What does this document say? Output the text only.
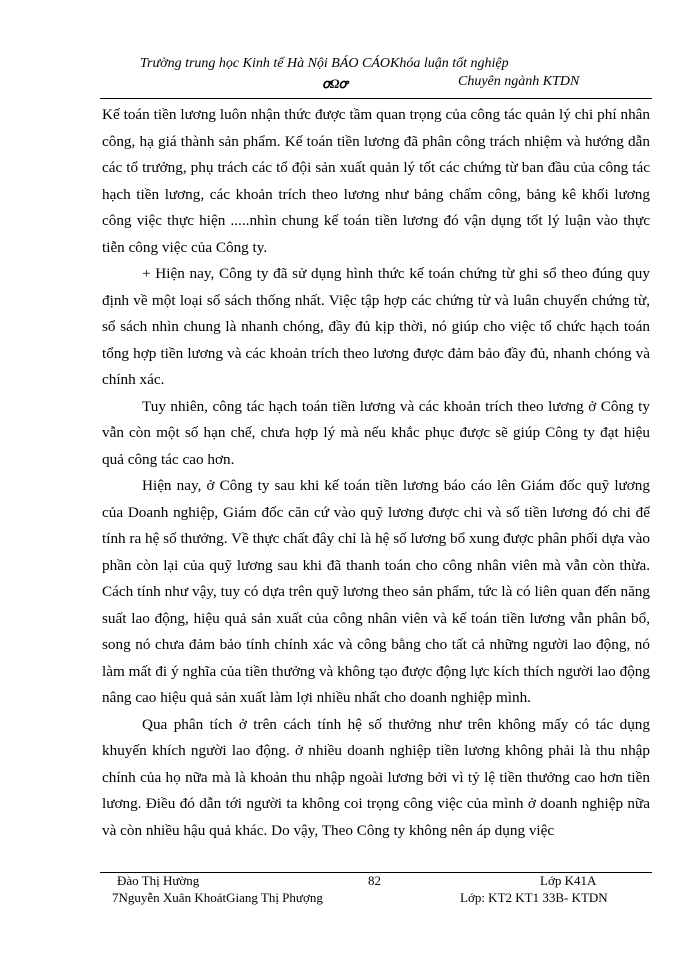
Trường trung học Kinh tế Hà Nội BÁO CÁOKhóa luận tốt nghiệp
ꝍΩꝍ	Chuyên ngành KTDN

Kế toán tiền lương luôn nhận thức được tầm quan trọng của công tác quản lý chi phí nhân công, hạ giá thành sản phẩm. Kế toán tiền lương đã phân công trách nhiệm và hướng dẫn các tổ trưởng, phụ trách các tổ đội sản xuất quản lý tốt các chứng từ ban đầu của công tác hạch tiền lương, các khoản trích theo lương như bảng chấm công, bảng kê khối lương công việc thực hiện .....nhìn chung kế toán tiền lương đó vận dụng tốt lý luận vào thực tiễn công việc của Công ty.

+ Hiện nay, Công ty đã sử dụng hình thức kế toán chứng từ ghi sổ theo đúng quy định về một loại sổ sách thống nhất. Việc tập hợp các chứng từ và luân chuyển chứng từ, sổ sách nhìn chung là nhanh chóng, đầy đủ kịp thời, nó giúp cho việc tổ chức hạch toán tổng hợp tiền lương và các khoản trích theo lương được đảm bảo đầy đủ, nhanh chóng và chính xác.

Tuy nhiên, công tác hạch toán tiền lương và các khoản trích theo lương ở Công ty vẫn còn một số hạn chế, chưa hợp lý mà nếu khắc phục được sẽ giúp Công ty đạt hiệu quả công tác cao hơn.

Hiện nay, ở Công ty sau khi kế toán tiền lương báo cáo lên Giám đốc quỹ lương của Doanh nghiệp, Giám đốc căn cứ vào quỹ lương được chi và số tiền lương đó chi để tính ra hệ số thưởng. Về thực chất đây chỉ là hệ số lương bổ xung được phân phối dựa vào phần còn lại của quỹ lương sau khi đã thanh toán cho công nhân viên mà vẫn còn thừa. Cách tính như vậy, tuy có dựa trên quỹ lương theo sản phẩm, tức là có liên quan đến năng suất lao động, hiệu quả sản xuất của công nhân viên và kế toán tiền lương vẫn phân bổ, song nó chưa đảm bảo tính chính xác và công bằng cho tất cả những người lao động, nó làm mất đi ý nghĩa của tiền thưởng và không tạo được động lực kích thích người lao động nâng cao hiệu quả sản xuất làm lợi nhiều nhất cho doanh nghiệp mình.

Qua phân tích ở trên cách tính hệ số thưởng như trên không mấy có tác dụng khuyến khích người lao động. ở nhiều doanh nghiệp tiền lương không phải là thu nhập chính của họ nữa mà là khoản thu nhập ngoài lương bởi vì tỷ lệ tiền thưởng cao hơn tiền lương. Điều đó dẫn tới người ta không coi trọng công việc của mình ở doanh nghiệp nữa và còn nhiều hậu quả khác. Do vậy, Theo Công ty không nên áp dụng việc

Đào Thị Hường	82	Lớp K41A
7Nguyễn Xuân KhoátGiang Thị Phượng	Lớp: KT2 KT1 33B- KTDN
